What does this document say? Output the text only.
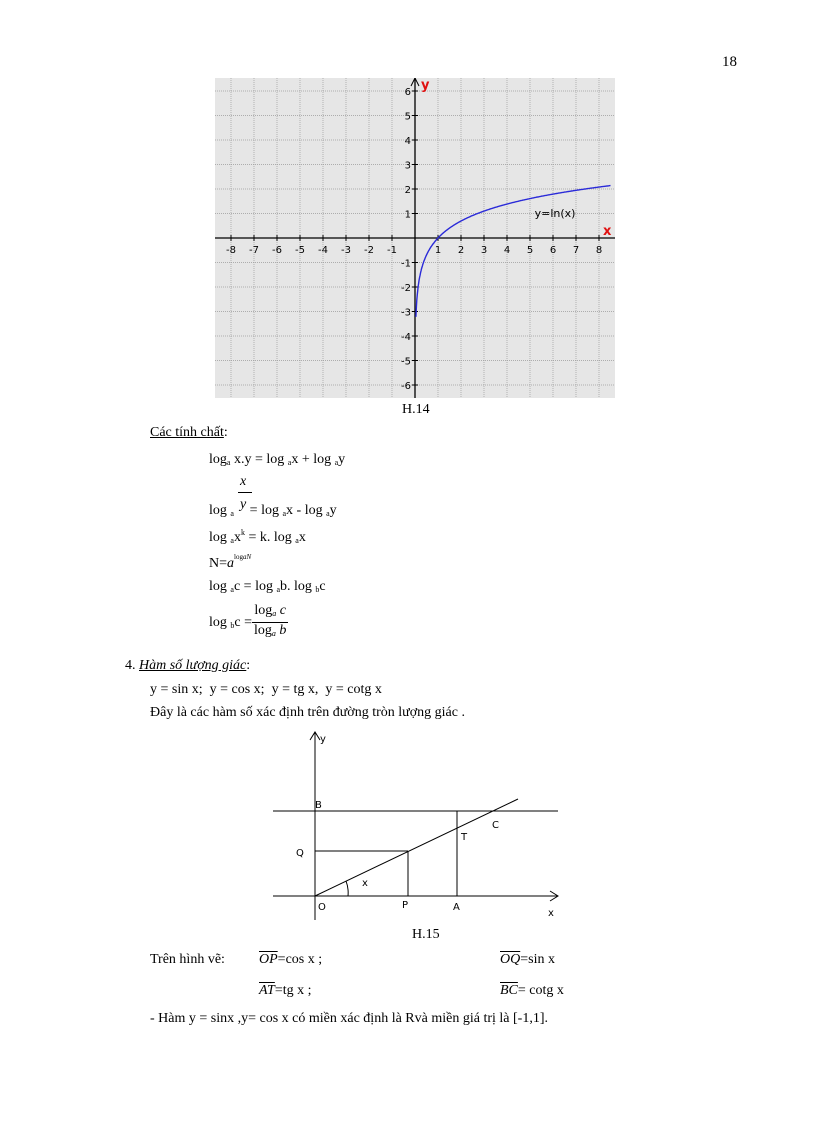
18
-8 -7 -6 -5 -4 -3 -2 -1	1 2 3 4 5 6 7 8
6
5
4
3
2
1
-1
-2
-3
-4
-5
-6
y=ln(x)
y
x
H.14
Các tính chất:
$\log_a x.y = \log _ax + \log _ay$
x
log $_a$y = log $_a$x - log $_a$y
$\log _ax^k = k$. log $_a$x
$N=a^{logaN}$
log $_a$c = log $_a$b. log $_b$c
$\log _bc = \frac{\log_a c}{\log_a b}$
4. Hàm số lượng giác:
y = sin x;  y = cos x;  y = tg x,  y = cotg x
Đây là các hàm số xác định trên đường tròn lượng giác .
y
x
B
C
T
Q
O	P	A
x
H.15
Trên hình vẽ: $\overline{OP}=\cos$ x ;	$\overline{OQ}=\sin$ x
$\overline{AT}=tg$ x ;	$\overline{BC}= \cot g$ x
- Hàm y = sinx ,y= cos x có miền xác định là Rvà miền giá trị là [-1,1].
